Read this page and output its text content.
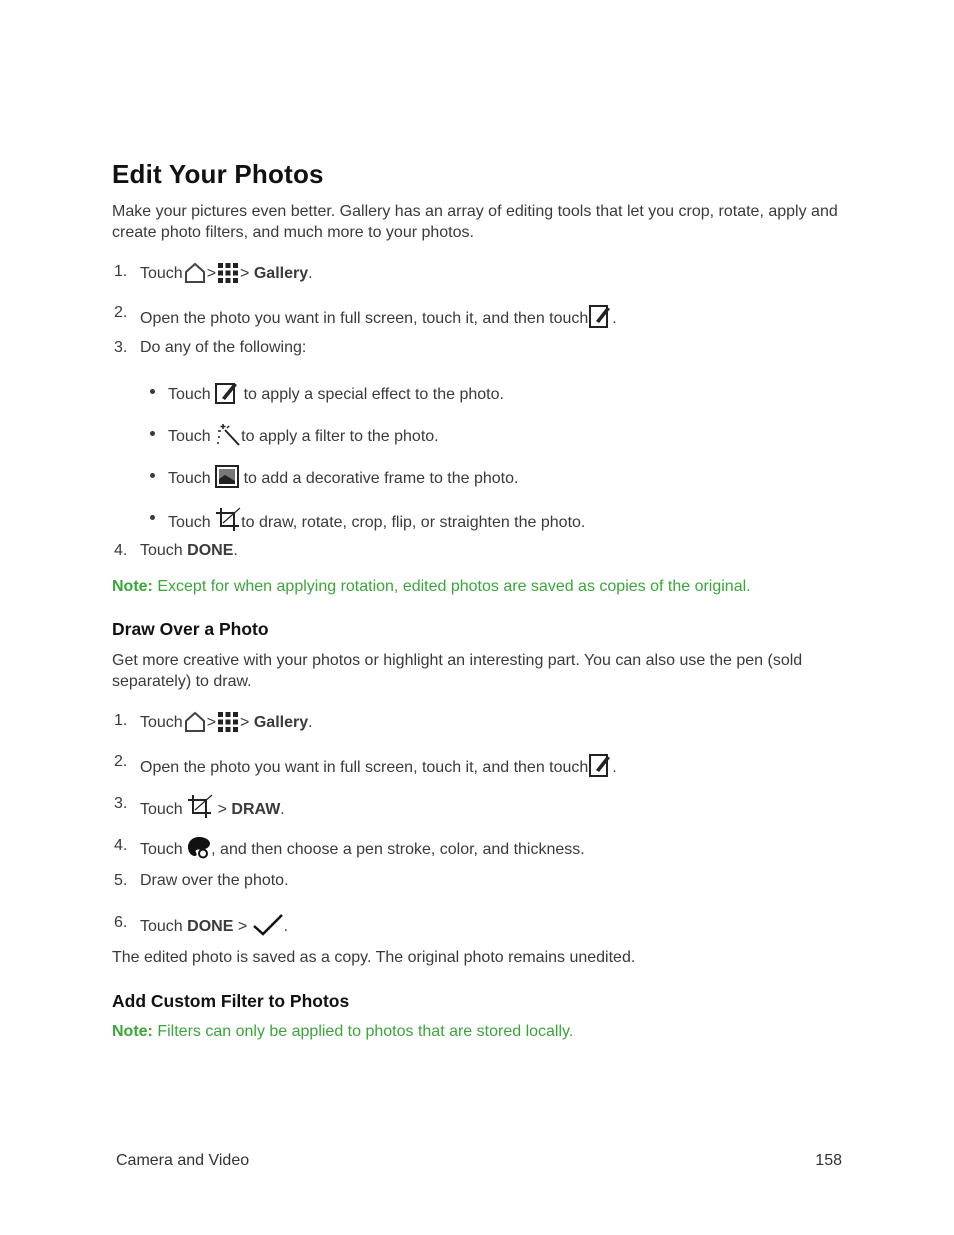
Edit Your Photos
Make your pictures even better. Gallery has an array of editing tools that let you crop, rotate, apply and create photo filters, and much more to your photos.
1. Touch > > Gallery.
2. Open the photo you want in full screen, touch it, and then touch .
3. Do any of the following:
Touch to apply a special effect to the photo.
Touch to apply a filter to the photo.
Touch to add a decorative frame to the photo.
Touch to draw, rotate, crop, flip, or straighten the photo.
4. Touch DONE.
Note: Except for when applying rotation, edited photos are saved as copies of the original.
Draw Over a Photo
Get more creative with your photos or highlight an interesting part. You can also use the pen (sold separately) to draw.
1. Touch > > Gallery.
2. Open the photo you want in full screen, touch it, and then touch .
3. Touch > DRAW.
4. Touch , and then choose a pen stroke, color, and thickness.
5. Draw over the photo.
6. Touch DONE > .
The edited photo is saved as a copy. The original photo remains unedited.
Add Custom Filter to Photos
Note: Filters can only be applied to photos that are stored locally.
Camera and Video	158
